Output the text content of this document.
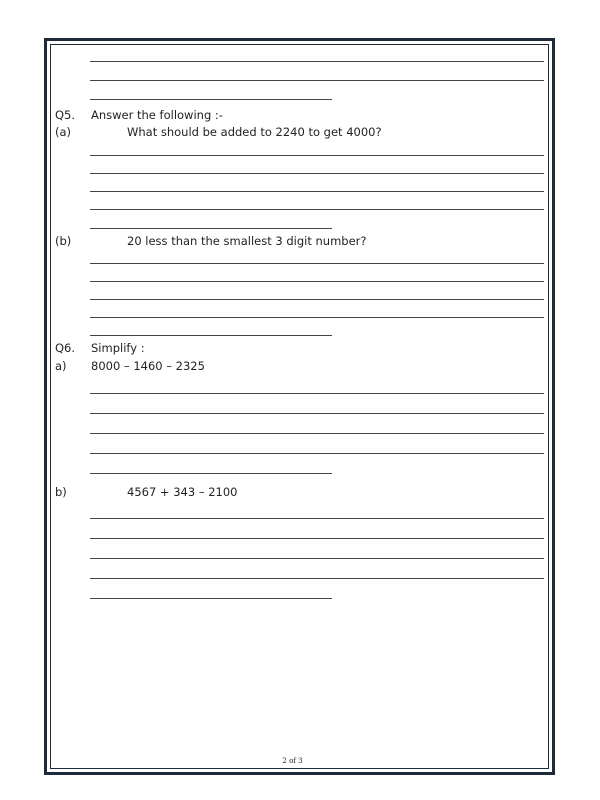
Q5. Answer the following :-
(a)	What should be added to 2240 to get 4000?
(b)	20 less than the smallest 3 digit number?
Q6. Simplify :
a) 8000 – 1460 – 2325
b)	4567 + 343 – 2100
2 of 3
